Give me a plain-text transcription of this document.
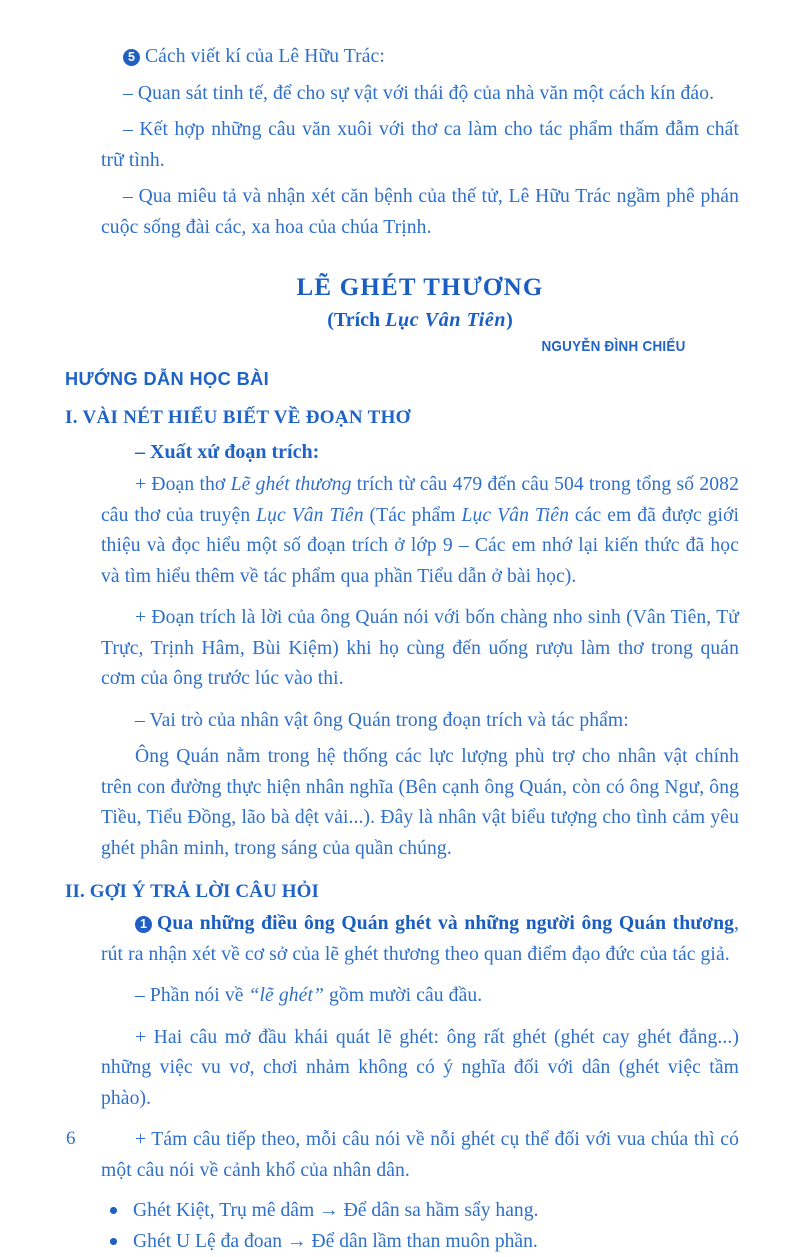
5 Cách viết kí của Lê Hữu Trác:

– Quan sát tinh tế, để cho sự vật với thái độ của nhà văn một cách kín đáo.

– Kết hợp những câu văn xuôi với thơ ca làm cho tác phẩm thấm đẫm chất trữ tình.

– Qua miêu tả và nhận xét căn bệnh của thế tử, Lê Hữu Trác ngầm phê phán cuộc sống đài các, xa hoa của chúa Trịnh.

LẼ GHÉT THƯƠNG
(Trích Lục Vân Tiên)
NGUYỄN ĐÌNH CHIỂU
HƯỚNG DẪN HỌC BÀI
I. VÀI NÉT HIỂU BIẾT VỀ ĐOẠN THƠ
– Xuất xứ đoạn trích:

+ Đoạn thơ Lẽ ghét thương trích từ câu 479 đến câu 504 trong tổng số 2082 câu thơ của truyện Lục Vân Tiên (Tác phẩm Lục Vân Tiên các em đã được giới thiệu và đọc hiểu một số đoạn trích ở lớp 9 – Các em nhớ lại kiến thức đã học và tìm hiểu thêm về tác phẩm qua phần Tiểu dẫn ở bài học).

+ Đoạn trích là lời của ông Quán nói với bốn chàng nho sinh (Vân Tiên, Tử Trực, Trịnh Hâm, Bùi Kiệm) khi họ cùng đến uống rượu làm thơ trong quán cơm của ông trước lúc vào thi.

– Vai trò của nhân vật ông Quán trong đoạn trích và tác phẩm:

Ông Quán nằm trong hệ thống các lực lượng phù trợ cho nhân vật chính trên con đường thực hiện nhân nghĩa (Bên cạnh ông Quán, còn có ông Ngư, ông Tiều, Tiểu Đồng, lão bà dệt vải...). Đây là nhân vật biểu tượng cho tình cảm yêu ghét phân minh, trong sáng của quần chúng.

II. GỢI Ý TRẢ LỜI CÂU HỎI

1 Qua những điều ông Quán ghét và những người ông Quán thương, rút ra nhận xét về cơ sở của lẽ ghét thương theo quan điểm đạo đức của tác giả.

– Phần nói về “lẽ ghét” gồm mười câu đầu.

+ Hai câu mở đầu khái quát lẽ ghét: ông rất ghét (ghét cay ghét đắng...) những việc vu vơ, chơi nhảm không có ý nghĩa đối với dân (ghét việc tầm phào).

+ Tám câu tiếp theo, mỗi câu nói về nỗi ghét cụ thể đối với vua chúa thì có một câu nói về cảnh khổ của nhân dân.

Ghét Kiệt, Trụ mê dâm → Để dân sa hầm sẩy hang.
Ghét U Lệ đa đoan → Để dân lầm than muôn phần.
6
